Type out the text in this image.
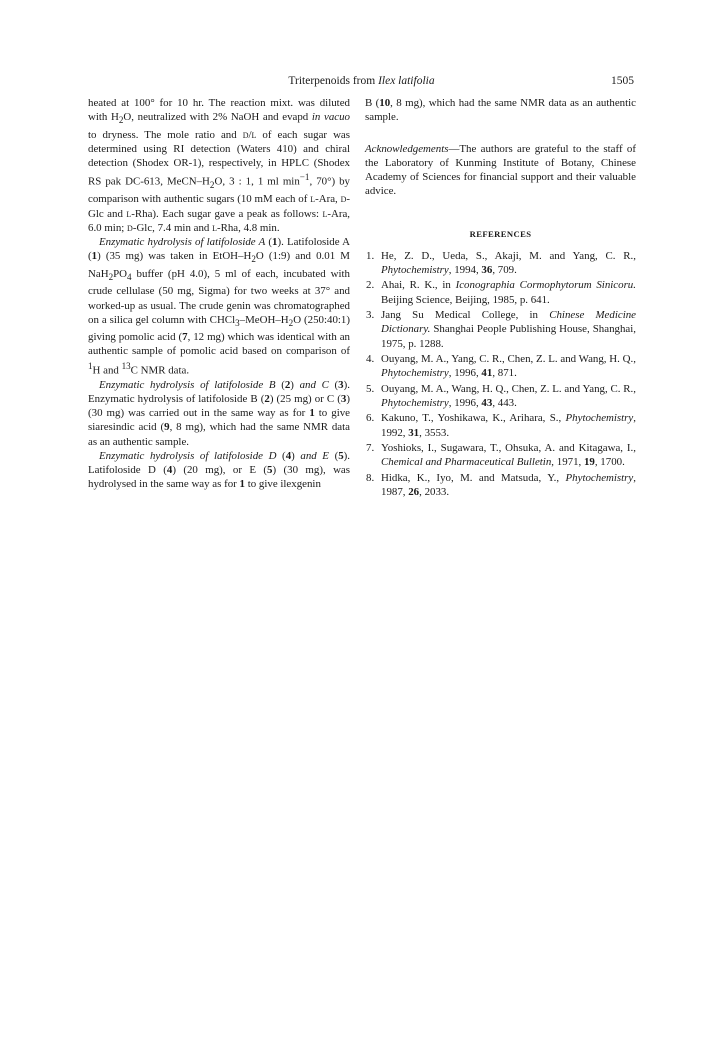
Triterpenoids from Ilex latifolia	1505

heated at 100° for 10 hr. The reaction mixt. was diluted with $H_2O$, neutralized with 2% NaOH and evapd in vacuo to dryness. The mole ratio and d/l of each sugar was determined using RI detection (Waters 410) and chiral detection (Shodex OR-1), respectively, in HPLC (Shodex RS pak DC-613, MeCN–$H_2O$, 3 : 1, 1 ml $\min^{-1}$, 70°) by comparison with authentic sugars (10 mM each of l-Ara, d-Glc and l-Rha). Each sugar gave a peak as follows: l-Ara, 6.0 min; d-Glc, 7.4 min and l-Rha, 4.8 min.

Enzymatic hydrolysis of latifoloside A (1). Latifoloside A (1) (35 mg) was taken in EtOH–$H_2O$ (1:9) and 0.01 M $NaH_2PO_4$ buffer (pH 4.0), 5 ml of each, incubated with crude cellulase (50 mg, Sigma) for two weeks at 37° and worked-up as usual. The crude genin was chromatographed on a silica gel column with $CHCl_3-MeOH-H_2O$ (250:40:1) giving pomolic acid (7, 12 mg) which was identical with an authentic sample of pomolic acid based on comparison of $^1$H and $^{13}$C NMR data.

Enzymatic hydrolysis of latifoloside B (2) and C (3). Enzymatic hydrolysis of latifoloside B (2) (25 mg) or C (3) (30 mg) was carried out in the same way as for 1 to give siaresindic acid (9, 8 mg), which had the same NMR data as an authentic sample.

Enzymatic hydrolysis of latifoloside D (4) and E (5). Latifoloside D (4) (20 mg), or E (5) (30 mg), was hydrolysed in the same way as for 1 to give ilexgenin

B (10, 8 mg), which had the same NMR data as an authentic sample.

Acknowledgements—The authors are grateful to the staff of the Laboratory of Kunming Institute of Botany, Chinese Academy of Sciences for financial support and their valuable advice.

REFERENCES
1. He, Z. D., Ueda, S., Akaji, M. and Yang, C. R., Phytochemistry, 1994, 36, 709.
2. Ahai, R. K., in Iconographia Cormophytorum Sinicoru. Beijing Science, Beijing, 1985, p. 641.
3. Jang Su Medical College, in Chinese Medicine Dictionary. Shanghai People Publishing House, Shanghai, 1975, p. 1288.
4. Ouyang, M. A., Yang, C. R., Chen, Z. L. and Wang, H. Q., Phytochemistry, 1996, 41, 871.
5. Ouyang, M. A., Wang, H. Q., Chen, Z. L. and Yang, C. R., Phytochemistry, 1996, 43, 443.
6. Kakuno, T., Yoshikawa, K., Arihara, S., Phytochemistry, 1992, 31, 3553.
7. Yoshioks, I., Sugawara, T., Ohsuka, A. and Kitagawa, I., Chemical and Pharmaceutical Bulletin, 1971, 19, 1700.
8. Hidka, K., Iyo, M. and Matsuda, Y., Phytochemistry, 1987, 26, 2033.
